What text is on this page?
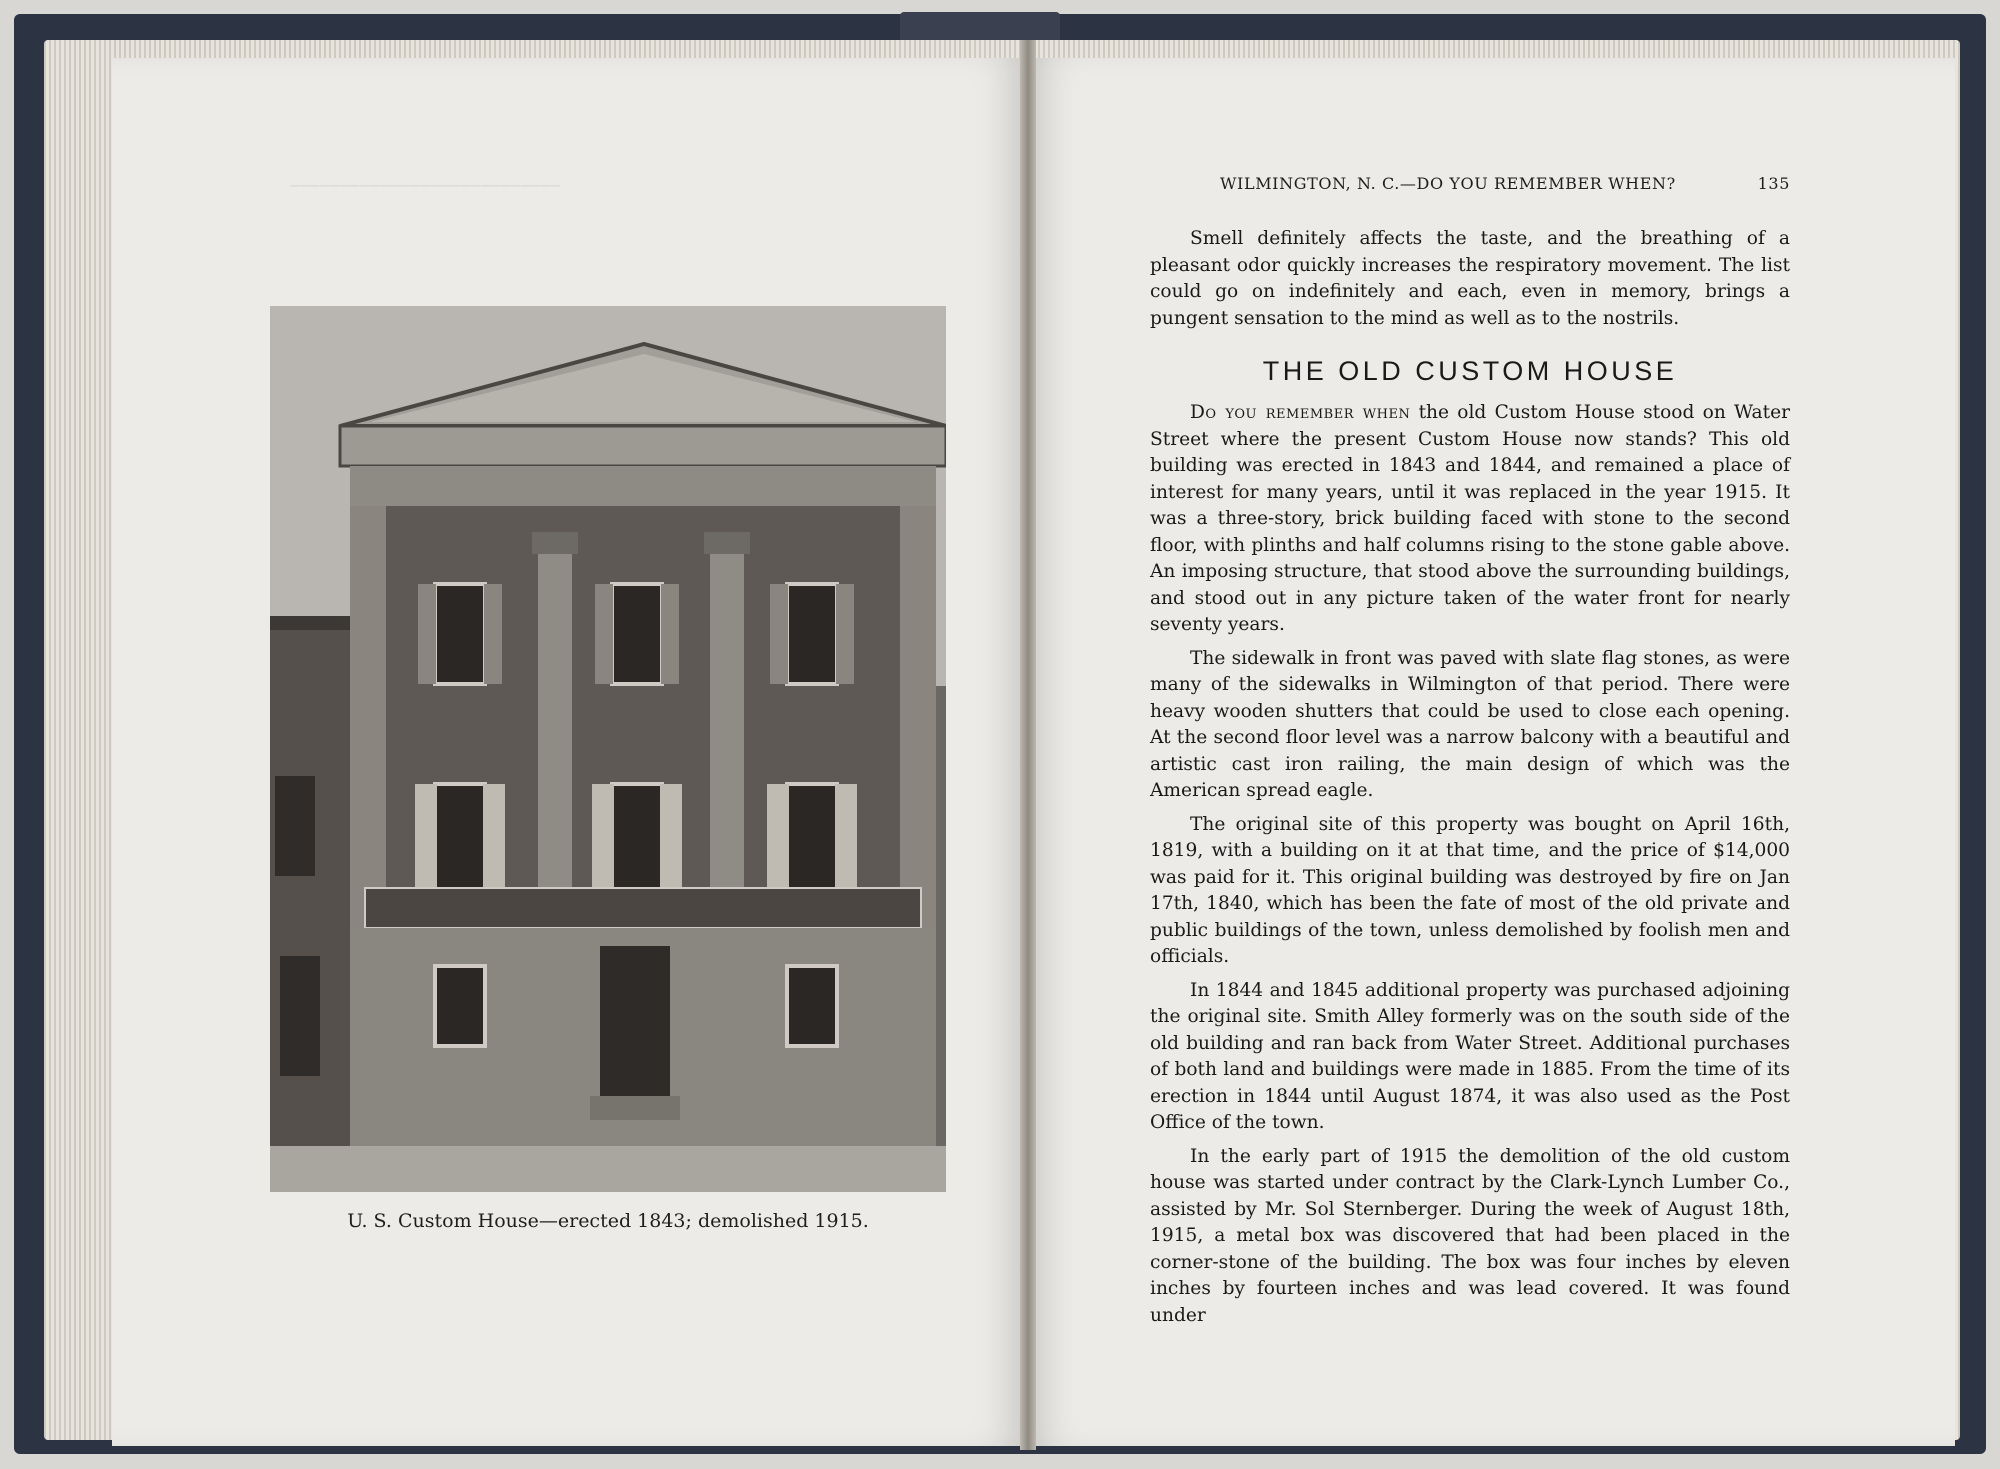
───────────────────────────
U. S. Custom House—erected 1843; demolished 1915.
WILMINGTON, N. C.—DO YOU REMEMBER WHEN?	135

Smell definitely affects the taste, and the breathing of a pleasant odor quickly increases the respiratory movement. The list could go on indefinitely and each, even in memory, brings a pungent sensation to the mind as well as to the nostrils.

THE OLD CUSTOM HOUSE

Do you remember when the old Custom House stood on Water Street where the present Custom House now stands? This old building was erected in 1843 and 1844, and remained a place of interest for many years, until it was replaced in the year 1915. It was a three-story, brick building faced with stone to the second floor, with plinths and half columns rising to the stone gable above. An imposing structure, that stood above the surrounding buildings, and stood out in any picture taken of the water front for nearly seventy years.

The sidewalk in front was paved with slate flag stones, as were many of the sidewalks in Wilmington of that period. There were heavy wooden shutters that could be used to close each opening. At the second floor level was a narrow balcony with a beautiful and artistic cast iron railing, the main design of which was the American spread eagle.

The original site of this property was bought on April 16th, 1819, with a building on it at that time, and the price of $14,000 was paid for it. This original building was destroyed by fire on Jan 17th, 1840, which has been the fate of most of the old private and public buildings of the town, unless demolished by foolish men and officials.

In 1844 and 1845 additional property was purchased adjoining the original site. Smith Alley formerly was on the south side of the old building and ran back from Water Street. Additional purchases of both land and buildings were made in 1885. From the time of its erection in 1844 until August 1874, it was also used as the Post Office of the town.

In the early part of 1915 the demolition of the old custom house was started under contract by the Clark-Lynch Lumber Co., assisted by Mr. Sol Sternberger. During the week of August 18th, 1915, a metal box was discovered that had been placed in the corner-stone of the building. The box was four inches by eleven inches by fourteen inches and was lead covered. It was found under
